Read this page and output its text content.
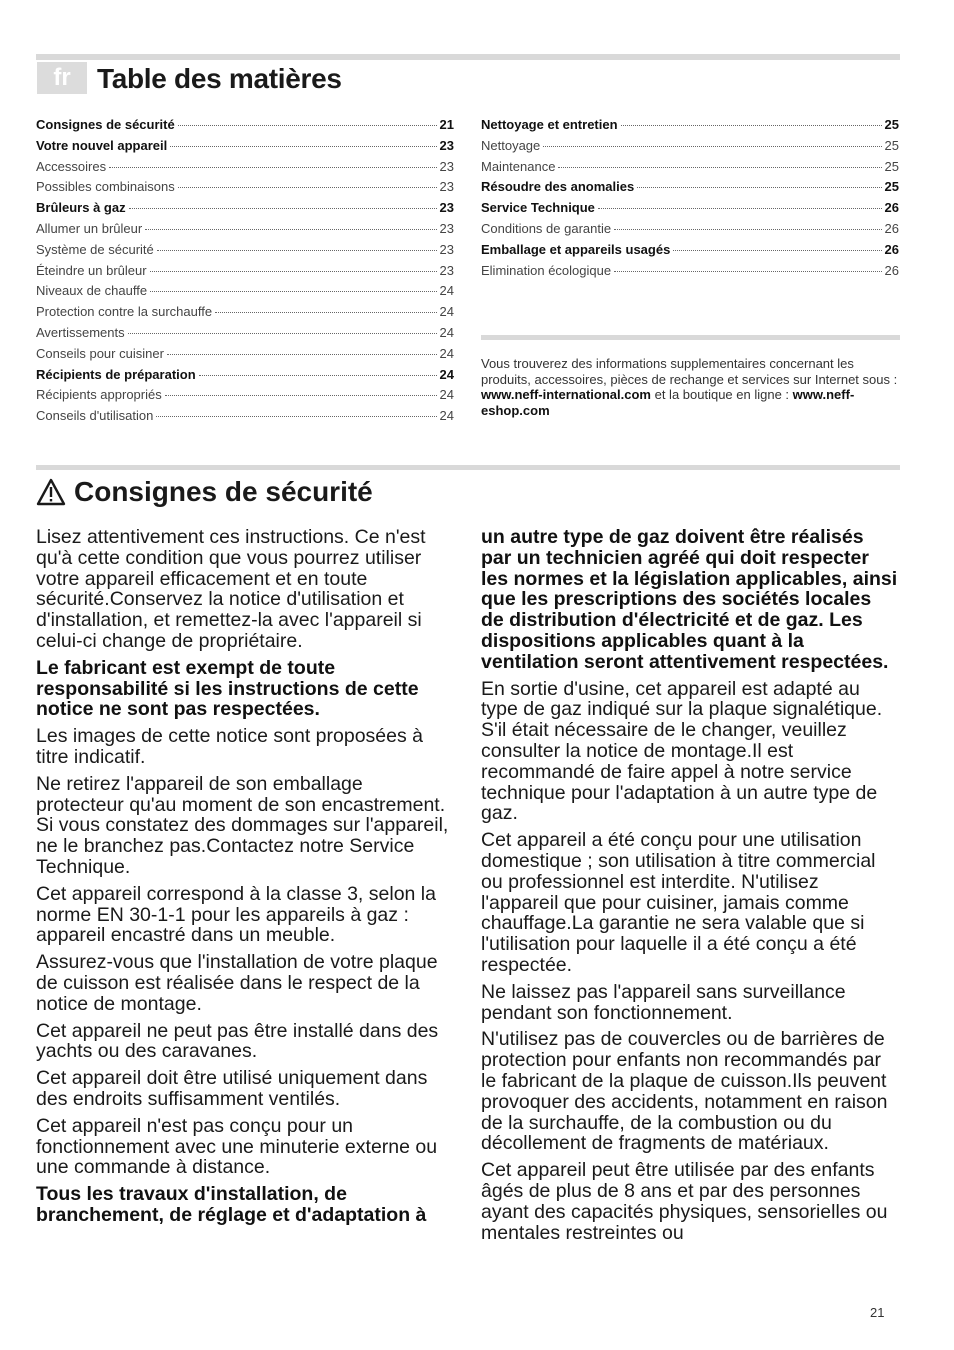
fr Table des matières
Consignes de sécurité	21
Votre nouvel appareil	23
Accessoires	23
Possibles combinaisons	23
Brûleurs à gaz	23
Allumer un brûleur	23
Système de sécurité	23
Éteindre un brûleur	23
Niveaux de chauffe	24
Protection contre la surchauffe	24
Avertissements	24
Conseils pour cuisiner	24
Récipients de préparation	24
Récipients appropriés	24
Conseils d'utilisation	24
Nettoyage et entretien	25
Nettoyage	25
Maintenance	25
Résoudre des anomalies	25
Service Technique	26
Conditions de garantie	26
Emballage et appareils usagés	26
Elimination écologique	26
Vous trouverez des informations supplementaires concernant les produits, accessoires, pièces de rechange et services sur Internet sous : www.neff-international.com et la boutique en ligne : www.neff-eshop.com
Consignes de sécurité

Lisez attentivement ces instructions. Ce n'est qu'à cette condition que vous pourrez utiliser votre appareil efficacement et en toute sécurité.Conservez la notice d'utilisation et d'installation, et remettez-la avec l'appareil si celui-ci change de propriétaire.

Le fabricant est exempt de toute responsabilité si les instructions de cette notice ne sont pas respectées.

Les images de cette notice sont proposées à titre indicatif.

Ne retirez l'appareil de son emballage protecteur qu'au moment de son encastrement. Si vous constatez des dommages sur l'appareil, ne le branchez pas.Contactez notre Service Technique.

Cet appareil correspond à la classe 3, selon la norme EN 30-1-1 pour les appareils à gaz : appareil encastré dans un meuble.

Assurez-vous que l'installation de votre plaque de cuisson est réalisée dans le respect de la notice de montage.

Cet appareil ne peut pas être installé dans des yachts ou des caravanes.

Cet appareil doit être utilisé uniquement dans des endroits suffisamment ventilés.

Cet appareil n'est pas conçu pour un fonctionnement avec une minuterie externe ou une commande à distance.

Tous les travaux d'installation, de branchement, de réglage et d'adaptation à

un autre type de gaz doivent être réalisés par un technicien agréé qui doit respecter les normes et la législation applicables, ainsi que les prescriptions des sociétés locales de distribution d'électricité et de gaz. Les dispositions applicables quant à la ventilation seront attentivement respectées.

En sortie d'usine, cet appareil est adapté au type de gaz indiqué sur la plaque signalétique. S'il était nécessaire de le changer, veuillez consulter la notice de montage.Il est recommandé de faire appel à notre service technique pour l'adaptation à un autre type de gaz.

Cet appareil a été conçu pour une utilisation domestique ; son utilisation à titre commercial ou professionnel est interdite. N'utilisez l'appareil que pour cuisiner, jamais comme chauffage.La garantie ne sera valable que si l'utilisation pour laquelle il a été conçu a été respectée.

Ne laissez pas l'appareil sans surveillance pendant son fonctionnement.

N'utilisez pas de couvercles ou de barrières de protection pour enfants non recommandés par le fabricant de la plaque de cuisson.Ils peuvent provoquer des accidents, notamment en raison de la surchauffe, de la combustion ou du décollement de fragments de matériaux.

Cet appareil peut être utilisée par des enfants âgés de plus de 8 ans et par des personnes ayant des capacités physiques, sensorielles ou mentales restreintes ou

21
